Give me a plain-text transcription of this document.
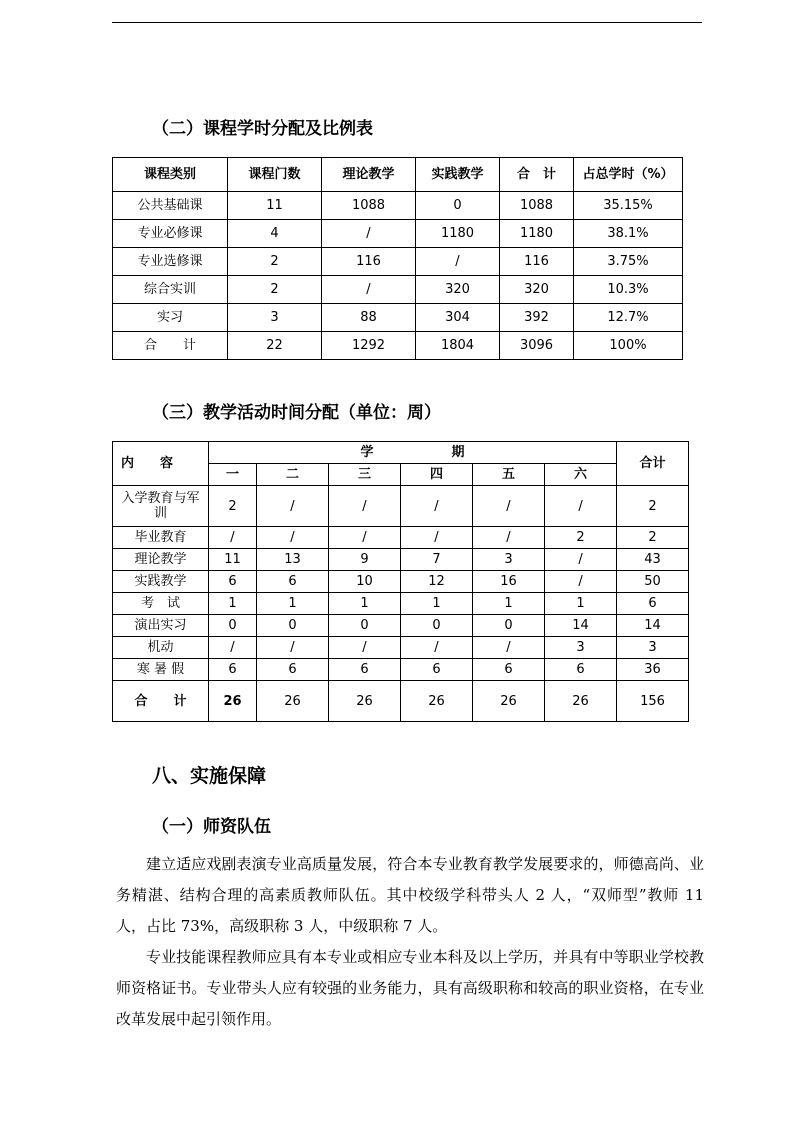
（二）课程学时分配及比例表
课程类别	课程门数	理论教学	实践教学	合　计	占总学时（%）
公共基础课	11	1088	0	1088	35.15%
专业必修课	4	/	1180	1180	38.1%
专业选修课	2	116	/	116	3.75%
综合实训	2	/	320	320	10.3%
实习	3	88	304	392	12.7%
合　　计	22	1292	1804	3096	100%
（三）教学活动时间分配（单位：周）
内　　容	学　　　　　　期						合计
	一	二	三	四	五	六	
入学教育与军训	2	/	/	/	/	/	2
毕业教育	/	/	/	/	/	2	2
理论教学	11	13	9	7	3	/	43
实践教学	6	6	10	12	16	/	50
考　试	1	1	1	1	1	1	6
演出实习	0	0	0	0	0	14	14
机动	/	/	/	/	/	3	3
寒 暑 假	6	6	6	6	6	6	36
合　　计	26	26	26	26	26	26	156
八、实施保障
（一）师资队伍

建立适应戏剧表演专业高质量发展，符合本专业教育教学发展要求的，师德高尚、业务精湛、结构合理的高素质教师队伍。其中校级学科带头人 2 人，“双师型”教师 11 人，占比 73%，高级职称 3 人，中级职称 7 人。

专业技能课程教师应具有本专业或相应专业本科及以上学历，并具有中等职业学校教师资格证书。专业带头人应有较强的业务能力，具有高级职称和较高的职业资格，在专业改革发展中起引领作用。
